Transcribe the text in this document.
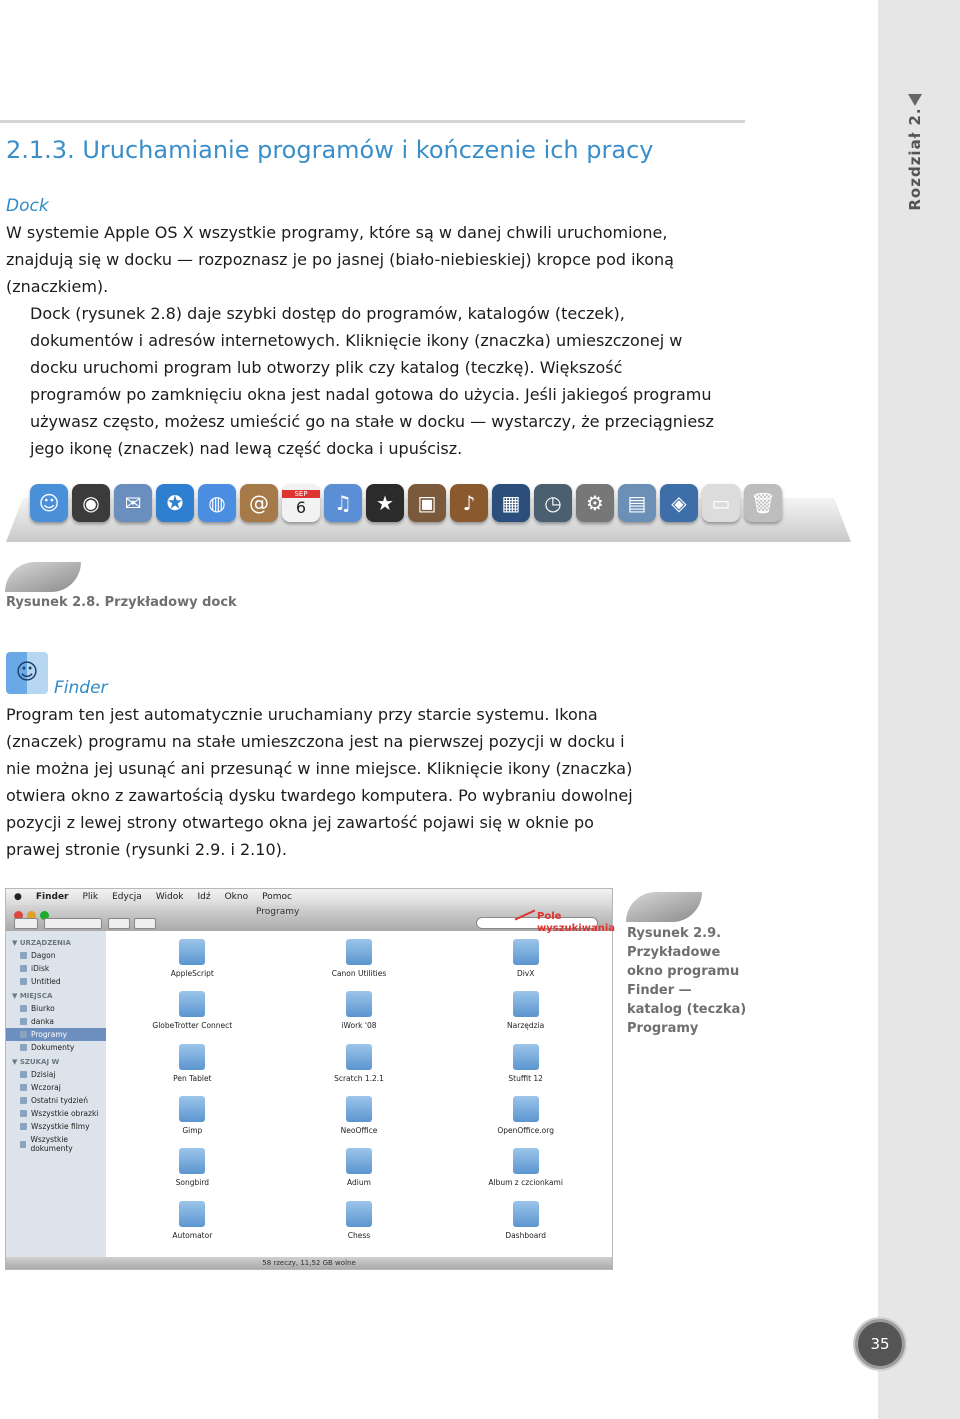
Rozdział 2.
35
2.1.3. Uruchamianie programów i kończenie ich pracy
Dock

W systemie Apple OS X wszystkie programy, które są w danej chwili uruchomione, znajdują się w docku — rozpoznasz je po jasnej (biało-niebieskiej) kropce pod ikoną (znaczkiem).

Dock (rysunek 2.8) daje szybki dostęp do programów, katalogów (teczek), dokumentów i adresów internetowych. Kliknięcie ikony (znaczka) umieszczonej w docku uruchomi program lub otworzy plik czy katalog (teczkę). Większość programów po zamknięciu okna jest nadal gotowa do użycia. Jeśli jakiegoś programu używasz często, możesz umieścić go na stałe w docku — wystarczy, że przeciągniesz jego ikonę (znaczek) nad lewą część docka i upuścisz.

☺	◉	✉	✪	◍	@	SEP
6	♫	★	▣	♪	▦	◷	⚙	▤	◈	▭ 🗑
Rysunek 2.8. Przykładowy dock
☺
Finder

Program ten jest automatycznie uruchamiany przy starcie systemu. Ikona (znaczek) programu na stałe umieszczona jest na pierwszej pozycji w docku i nie można jej usunąć ani przesunąć w inne miejsce. Kliknięcie ikony (znaczka) otwiera okno z zawartością dysku twardego komputera. Po wybraniu dowolnej pozycji z lewej strony otwartego okna jej zawartość pojawi się w oknie po prawej stronie (rysunki 2.9. i 2.10).

● Finder Plik Edycja Widok Idź Okno Pomoc
Programy
▼ URZĄDZENIA
Dagon
iDisk
Untitled
▼ MIEJSCA
Biurko
danka
Programy
Dokumenty
▼ SZUKAJ W
Dzisiaj
Wczoraj
Ostatni tydzień
Wszystkie obrazki
Wszystkie filmy
Wszystkie dokumenty
AppleScript	Canon Utilities	DivX
GlobeTrotter Connect	iWork '08	Narzędzia
Pen Tablet	Scratch 1.2.1	Stuffit 12
Gimp	NeoOffice	OpenOffice.org
Songbird	Adium	Album z czcionkami
Automator	Chess	Dashboard
58 rzeczy, 11,52 GB wolne
Pole
wyszukiwania Rysunek 2.9.
Przykładowe
okno programu
Finder —
katalog (teczka)
Programy
